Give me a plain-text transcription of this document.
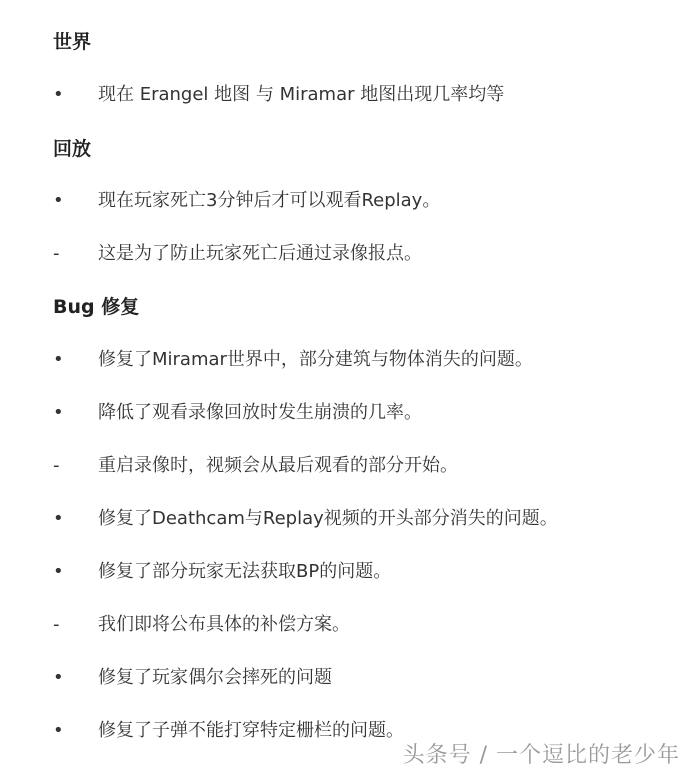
世界
• 现在 Erangel 地图 与 Miramar 地图出现几率均等
回放
• 现在玩家死亡3分钟后才可以观看Replay。
- 这是为了防止玩家死亡后通过录像报点。
Bug 修复
• 修复了Miramar世界中，部分建筑与物体消失的问题。
• 降低了观看录像回放时发生崩溃的几率。
- 重启录像时，视频会从最后观看的部分开始。
• 修复了Deathcam与Replay视频的开头部分消失的问题。
• 修复了部分玩家无法获取BP的问题。
- 我们即将公布具体的补偿方案。
• 修复了玩家偶尔会摔死的问题
• 修复了子弹不能打穿特定栅栏的问题。
头条号 / 一个逗比的老少年
